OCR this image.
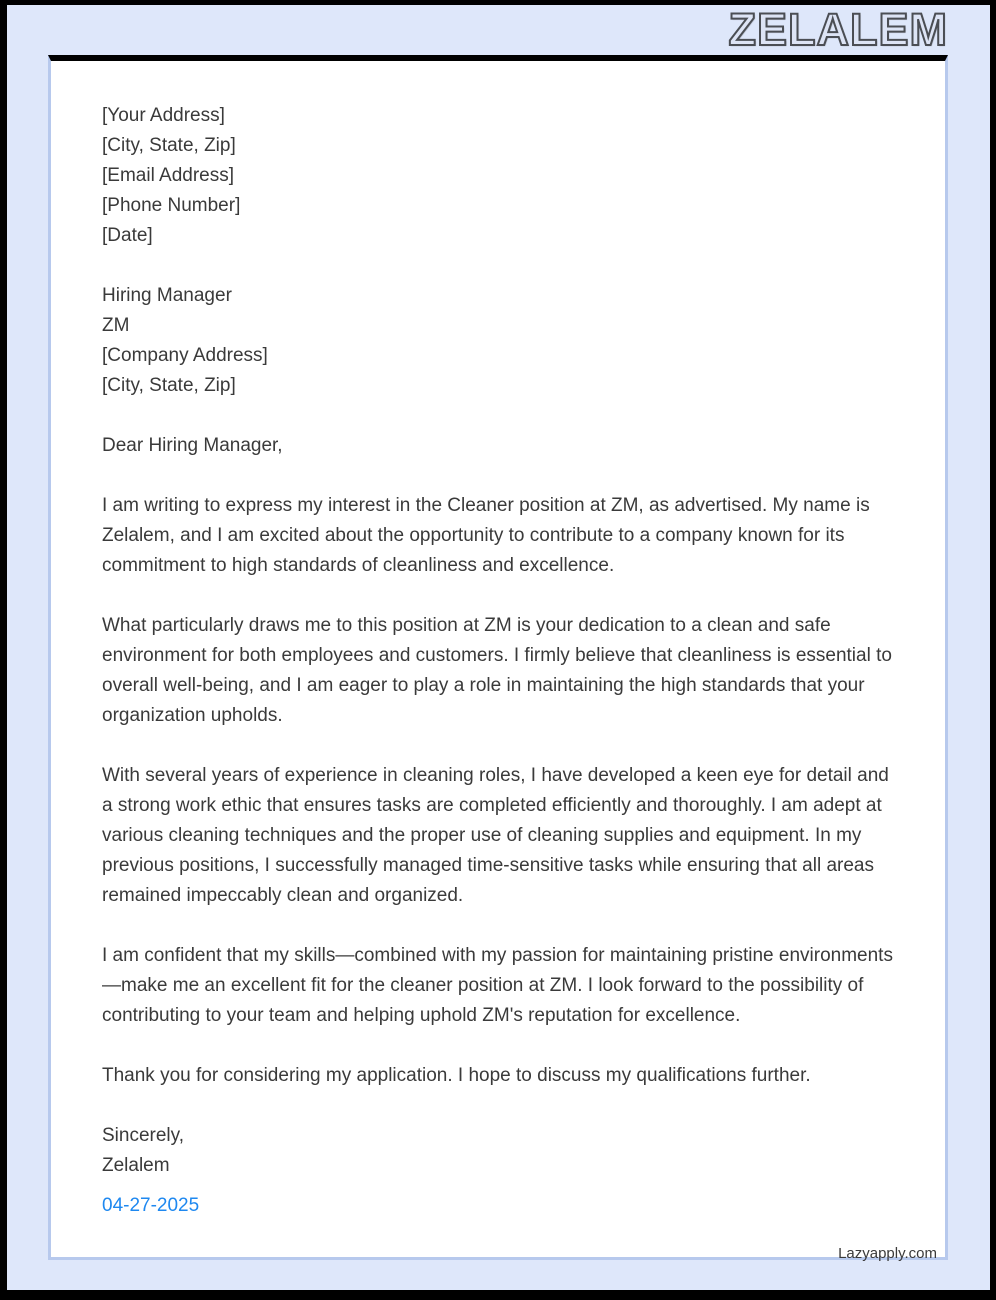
ZELALEM

[Your Address]

[City, State, Zip]

[Email Address]

[Phone Number]

[Date]

Hiring Manager

ZM

[Company Address]

[City, State, Zip]

Dear Hiring Manager,

I am writing to express my interest in the Cleaner position at ZM, as advertised. My name is Zelalem, and I am excited about the opportunity to contribute to a company known for its commitment to high standards of cleanliness and excellence.

What particularly draws me to this position at ZM is your dedication to a clean and safe environment for both employees and customers. I firmly believe that cleanliness is essential to overall well-being, and I am eager to play a role in maintaining the high standards that your organization upholds.

With several years of experience in cleaning roles, I have developed a keen eye for detail and a strong work ethic that ensures tasks are completed efficiently and thoroughly. I am adept at various cleaning techniques and the proper use of cleaning supplies and equipment. In my previous positions, I successfully managed time-sensitive tasks while ensuring that all areas remained impeccably clean and organized.

I am confident that my skills—combined with my passion for maintaining pristine environments—make me an excellent fit for the cleaner position at ZM. I look forward to the possibility of contributing to your team and helping uphold ZM's reputation for excellence.

Thank you for considering my application. I hope to discuss my qualifications further.

Sincerely,

Zelalem

04-27-2025
Lazyapply.com
